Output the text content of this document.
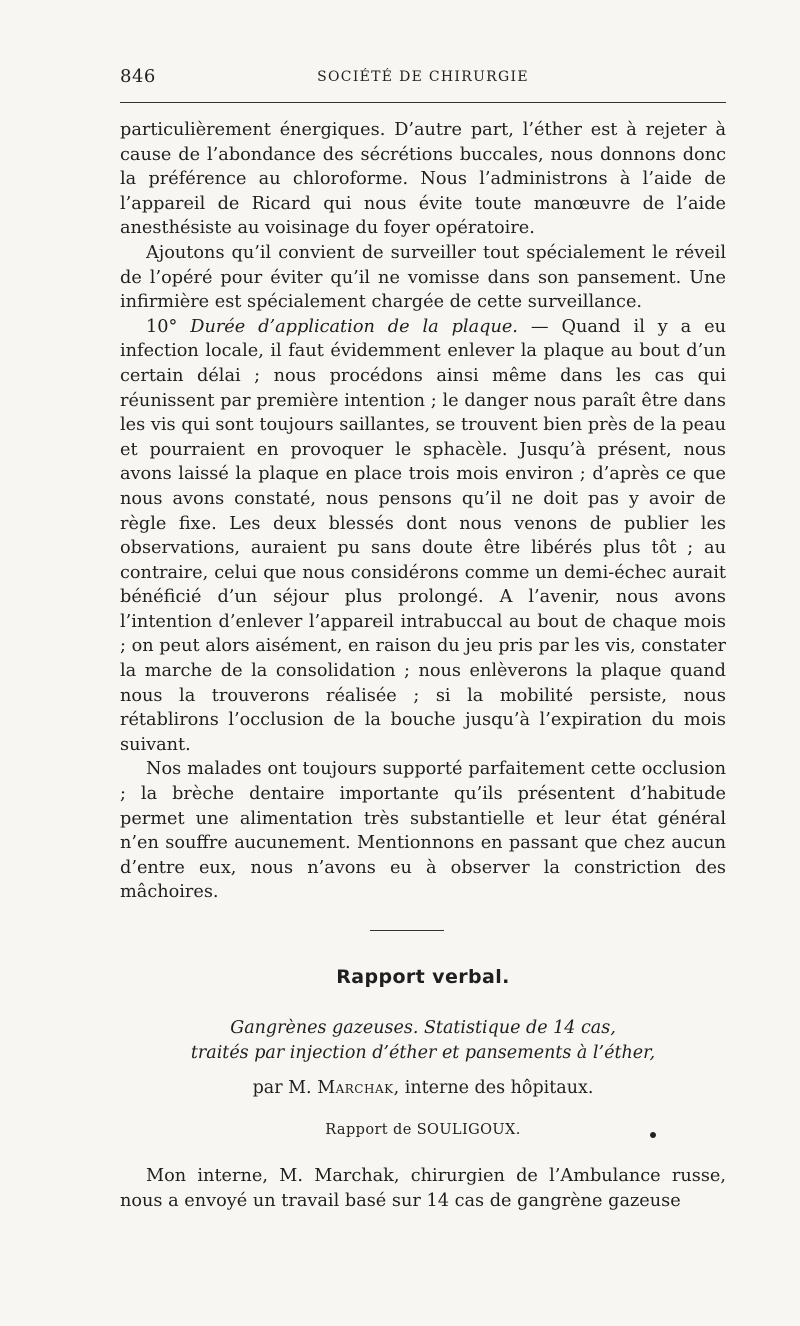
846	SOCIÉTÉ DE CHIRURGIE

particulièrement énergiques. D’autre part, l’éther est à rejeter à cause de l’abondance des sécrétions buccales, nous donnons donc la préférence au chloroforme. Nous l’administrons à l’aide de l’appareil de Ricard qui nous évite toute manœuvre de l’aide anesthésiste au voisinage du foyer opératoire.

Ajoutons qu’il convient de surveiller tout spécialement le réveil de l’opéré pour éviter qu’il ne vomisse dans son pansement. Une infirmière est spécialement chargée de cette surveillance.

10° Durée d’application de la plaque. — Quand il y a eu infection locale, il faut évidemment enlever la plaque au bout d’un certain délai ; nous procédons ainsi même dans les cas qui réunissent par première intention ; le danger nous paraît être dans les vis qui sont toujours saillantes, se trouvent bien près de la peau et pourraient en provoquer le sphacèle. Jusqu’à présent, nous avons laissé la plaque en place trois mois environ ; d’après ce que nous avons constaté, nous pensons qu’il ne doit pas y avoir de règle fixe. Les deux blessés dont nous venons de publier les observations, auraient pu sans doute être libérés plus tôt ; au contraire, celui que nous considérons comme un demi-échec aurait bénéficié d’un séjour plus prolongé. A l’avenir, nous avons l’intention d’enlever l’appareil intrabuccal au bout de chaque mois ; on peut alors aisément, en raison du jeu pris par les vis, constater la marche de la consolidation ; nous enlèverons la plaque quand nous la trouverons réalisée ; si la mobilité persiste, nous rétablirons l’occlusion de la bouche jusqu’à l’expiration du mois suivant.

Nos malades ont toujours supporté parfaitement cette occlusion ; la brèche dentaire importante qu’ils présentent d’habitude permet une alimentation très substantielle et leur état général n’en souffre aucunement. Mentionnons en passant que chez aucun d’entre eux, nous n’avons eu à observer la constriction des mâchoires.

Rapport verbal.
Gangrènes gazeuses. Statistique de 14 cas,
traités par injection d’éther et pansements à l’éther,
par M. Marchak, interne des hôpitaux.
Rapport de SOULIGOUX.

Mon interne, M. Marchak, chirurgien de l’Ambulance russe, nous a envoyé un travail basé sur 14 cas de gangrène gazeuse
